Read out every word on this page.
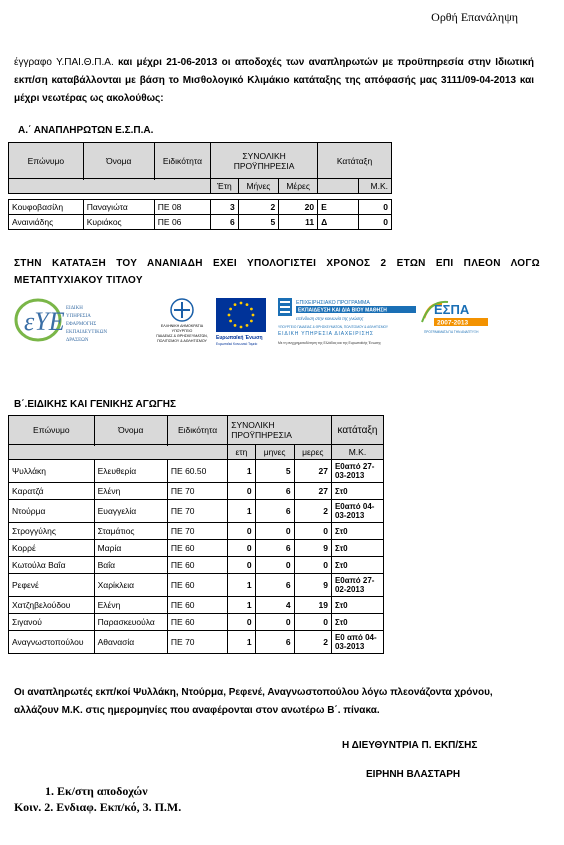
Ορθή Επανάληψη
έγγραφο Υ.ΠΑΙ.Θ.Π.Α. και μέχρι 21-06-2013 οι αποδοχές των αναπληρωτών με προϋπηρεσία στην Ιδιωτική εκπ/ση καταβάλλονται με βάση το Μισθολογικό Κλιμάκιο κατάταξης της απόφασής μας 3111/09-04-2013 και μέχρι νεωτέρας ως ακολούθως:
Α.΄ ΑΝΑΠΛΗΡΩΤΩΝ Ε.Σ.Π.Α.
Επώνυμο	Όνομα	Ειδικότητα	ΣΥΝΟΛΙΚΗ ΠΡΟΫΠΗΡΕΣΙΑ			Κατάταξη	

			Έτη	Μήνες	Μέρες		Μ.Κ.

Κουφοβασίλη	Παναγιώτα	ΠΕ 08	3	2	20	Ε	0
Αναινιάδης	Κυριάκος	ΠΕ 06	6	5	11	Δ	0
ΣΤΗΝ ΚΑΤΑΤΑΞΗ ΤΟΥ ΑΝΑΝΙΑΔΗ ΕΧΕΙ ΥΠΟΛΟΓΙΣΤΕΙ ΧΡΟΝΟΣ 2 ΕΤΩΝ ΕΠΙ ΠΛΕΟΝ ΛΟΓΩ ΜΕΤΑΠΤΥΧΙΑΚΟΥ ΤΙΤΛΟΥ
εΥΕ ΕΙΔΙΚΗ
ΥΠΗΡΕΣΙΑ
ΕΦΑΡΜΟΓΗΣ
ΕΚΠΑΙΔΕΥΤΙΚΩΝ
ΔΡΑΣΕΩΝ
ΕΛΛΗΝΙΚΗ ΔΗΜΟΚΡΑΤΙΑ
ΥΠΟΥΡΓΕΙΟ
ΠΑΙΔΕΙΑΣ & ΘΡΗΣΚΕΥΜΑΤΩΝ,
ΠΟΛΙΤΙΣΜΟΥ & ΑΘΛΗΤΙΣΜΟΥ Ευρωπαϊκή Ένωση
Ευρωπαϊκό Κοινωνικό Ταμείο
ΕΠΙΧΕΙΡΗΣΙΑΚΟ ΠΡΟΓΡΑΜΜΑ
ΕΚΠΑΙΔΕΥΣΗ ΚΑΙ ΔΙΑ ΒΙΟΥ ΜΑΘΗΣΗ
επένδυση στην κοινωνία της γνώσης
ΥΠΟΥΡΓΕΙΟ ΠΑΙΔΕΙΑΣ & ΘΡΗΣΚΕΥΜΑΤΩΝ, ΠΟΛΙΤΙΣΜΟΥ & ΑΘΛΗΤΙΣΜΟΥ
ΕΙΔΙΚΗ ΥΠΗΡΕΣΙΑ ΔΙΑΧΕΙΡΙΣΗΣ
Με τη συγχρηματοδότηση της Ελλάδας και της Ευρωπαϊκής Ένωσης
ΕΣΠΑ
2007-2013
ΠΡΟΓΡΑΜΜΑΤΑ ΓΙΑ ΤΗΝ ΑΝΑΠΤΥΞΗ
Β΄.ΕΙΔΙΚΗΣ ΚΑΙ ΓΕΝΙΚΗΣ ΑΓΩΓΗΣ
Επώνυμο	Όνομα	Ειδικότητα	ΣΥΝΟΛΙΚΗ ΠΡΟΫΠΗΡΕΣΙΑ			κατάταξη

			ετη	μηνες	μερες	Μ.Κ.
Ψυλλάκη	Ελευθερία	ΠΕ 60.50	1	5	27	Ε0από 27-03-2013
Καρατζά	Ελένη	ΠΕ 70	0	6	27	Στ0
Ντούρμα	Ευαγγελία	ΠΕ 70	1	6	2	Ε0από 04-03-2013
Στρογγύλης	Σταμάτιος	ΠΕ 70	0	0	0	Στ0
Κορρέ	Μαρία	ΠΕ 60	0	6	9	Στ0
Κωτούλα Βαΐα	Βαΐα	ΠΕ 60	0	0	0	Στ0
Ρεφενέ	Χαρίκλεια	ΠΕ 60	1	6	9	Ε0από 27-02-2013
Χατζηβελούδου	Ελένη	ΠΕ 60	1	4	19	Στ0
Σιγανού	Παρασκευούλα	ΠΕ 60	0	0	0	Στ0
Αναγνωστοπούλου	Αθανασία	ΠΕ 70	1	6	2	Ε0 από 04-03-2013
Οι αναπληρωτές εκπ/κοί Ψυλλάκη, Ντούρμα, Ρεφενέ, Αναγνωστοπούλου λόγω πλεονάζοντα χρόνου, αλλάζουν Μ.Κ. στις ημερομηνίες που αναφέρονται στον ανωτέρω Β΄. πίνακα.
Η ΔΙΕΥΘΥΝΤΡΙΑ Π. ΕΚΠ/ΣΗΣ
ΕΙΡΗΝΗ ΒΛΑΣΤΑΡΗ
1. Εκ/στη αποδοχών
Κοιν. 2. Ενδιαφ. Εκπ/κό, 3. Π.Μ.
